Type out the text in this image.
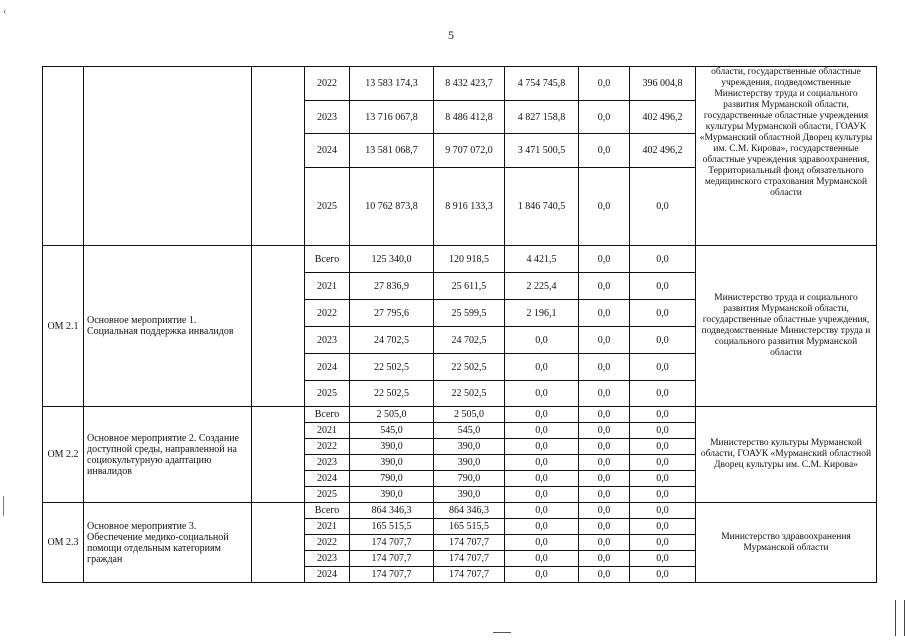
‹
5
			2022	13 583 174,3	8 432 423,7	4 754 745,8	0,0	396 004,8	области, государственные областные учреждения, подведомственные Министерству труда и социального развития Мурманской области, государственные областные учреждения культуры Мурманской области, ГОАУК «Мурманский областной Дворец культуры им. С.М. Кирова», государственные областные учреждения здравоохранения, Территориальный фонд обязательного медицинского страхования Мурманской области
			2023	13 716 067,8	8 486 412,8	4 827 158,8	0,0	402 496,2	
			2024	13 581 068,7	9 707 072,0	3 471 500,5	0,0	402 496,2	
			2025	10 762 873,8	8 916 133,3	1 846 740,5	0,0	0,0	
ОМ 2.1	Основное мероприятие 1. Социальная поддержка инвалидов		Всего	125 340,0	120 918,5	4 421,5	0,0	0,0	Министерство труда и социального развития Мурманской области, государственные областные учреждения, подведомственные Министерству труда и социального развития Мурманской области
			2021	27 836,9	25 611,5	2 225,4	0,0	0,0	
			2022	27 795,6	25 599,5	2 196,1	0,0	0,0	
			2023	24 702,5	24 702,5	0,0	0,0	0,0	
			2024	22 502,5	22 502,5	0,0	0,0	0,0	
			2025	22 502,5	22 502,5	0,0	0,0	0,0	
ОМ 2.2	Основное мероприятие 2. Создание доступной среды, направленной на социокультурную адаптацию инвалидов		Всего	2 505,0	2 505,0	0,0	0,0	0,0	Министерство культуры Мурманской области, ГОАУК «Мурманский областной Дворец культуры им. С.М. Кирова»
			2021	545,0	545,0	0,0	0,0	0,0	
			2022	390,0	390,0	0,0	0,0	0,0	
			2023	390,0	390,0	0,0	0,0	0,0	
			2024	790,0	790,0	0,0	0,0	0,0	
			2025	390,0	390,0	0,0	0,0	0,0	
ОМ 2.3	Основное мероприятие 3. Обеспечение медико-социальной помощи отдельным категориям граждан		Всего	864 346,3	864 346,3	0,0	0,0	0,0	Министерство здравоохранения Мурманской области
			2021	165 515,5	165 515,5	0,0	0,0	0,0	
			2022	174 707,7	174 707,7	0,0	0,0	0,0	
			2023	174 707,7	174 707,7	0,0	0,0	0,0	
			2024	174 707,7	174 707,7	0,0	0,0	0,0	
